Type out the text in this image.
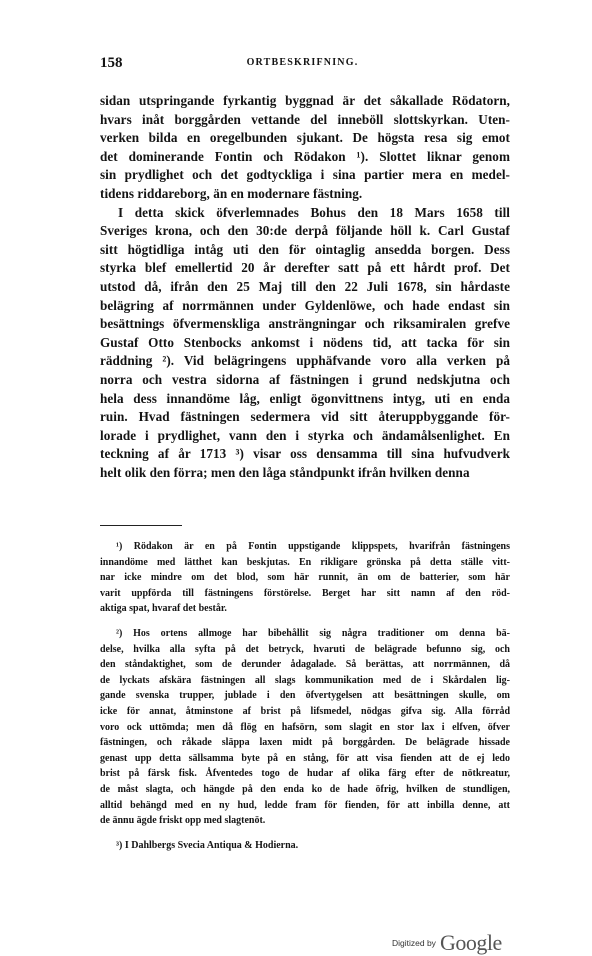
158	ORTBESKRIFNING.
sidan utspringande fyrkantig byggnad är det såkallade Rödatorn,
hvars inåt borggården vettande del inneböll slottskyrkan. Uten-
verken bilda en oregelbunden sjukant. De högsta resa sig emot
det dominerande Fontin och Rödakon ¹). Slottet liknar genom
sin prydlighet och det godtyckliga i sina partier mera en medel-
tidens riddareborg, än en modernare fästning.
I detta skick öfverlemnades Bohus den 18 Mars 1658 till
Sveriges krona, och den 30:de derpå följande höll k. Carl Gustaf
sitt högtidliga intåg uti den för ointaglig ansedda borgen. Dess
styrka blef emellertid 20 år derefter satt på ett hårdt prof. Det
utstod då, ifrån den 25 Maj till den 22 Juli 1678, sin hårdaste
belägring af norrmännen under Gyldenlöwe, och hade endast sin
besättnings öfvermenskliga ansträngningar och riksamiralen grefve
Gustaf Otto Stenbocks ankomst i nödens tid, att tacka för sin
räddning ²). Vid belägringens upphäfvande voro alla verken på
norra och vestra sidorna af fästningen i grund nedskjutna och
hela dess innandöme låg, enligt ögonvittnens intyg, uti en enda
ruin. Hvad fästningen sedermera vid sitt återuppbyggande för-
lorade i prydlighet, vann den i styrka och ändamålsenlighet. En
teckning af år 1713 ³) visar oss densamma till sina hufvudverk
helt olik den förra; men den låga ståndpunkt ifrån hvilken denna
¹) Rödakon är en på Fontin uppstigande klippspets, hvarifrån fästningens
innandöme med lätthet kan beskjutas. En rikligare grönska på detta ställe vitt-
nar icke mindre om det blod, som här runnit, än om de batterier, som här
varit uppförda till fästningens förstörelse. Berget har sitt namn af den röd-
aktiga spat, hvaraf det består.
²) Hos ortens allmoge har bibehållit sig några traditioner om denna bä-
delse, hvilka alla syfta på det betryck, hvaruti de belägrade befunno sig, och
den ståndaktighet, som de derunder ådagalade. Så berättas, att norrmännen, då
de lyckats afskära fästningen all slags kommunikation med de i Skårdalen lig-
gande svenska trupper, jublade i den öfvertygelsen att besättningen skulle, om
icke för annat, åtminstone af brist på lifsmedel, nödgas gifva sig. Alla förråd
voro ock uttömda; men då flög en hafsörn, som slagit en stor lax i elfven, öfver
fästningen, och råkade släppa laxen midt på borggården. De belägrade hissade
genast upp detta sällsamma byte på en stång, för att visa fienden att de ej ledo
brist på färsk fisk. Åfventedes togo de hudar af olika färg efter de nötkreatur,
de måst slagta, och hängde på den enda ko de hade öfrig, hvilken de stundligen,
alltid behängd med en ny hud, ledde fram för fienden, för att inbilla denne, att
de ännu ägde friskt opp med slagtenöt.
³) I Dahlbergs Svecia Antiqua & Hodierna.
Digitized by Google
